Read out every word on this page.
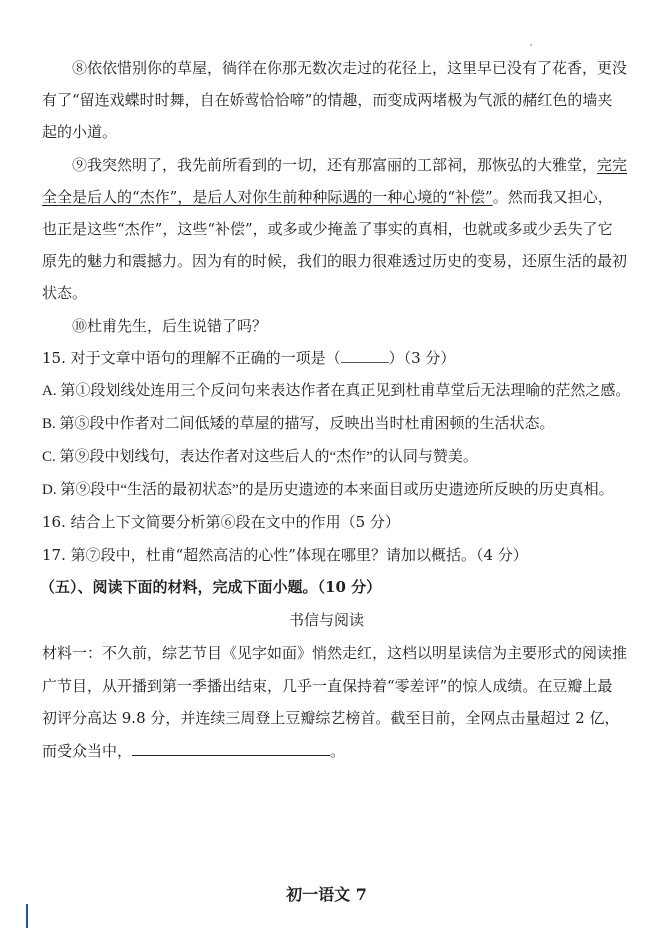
⑧依依惜别你的草屋，徜徉在你那无数次走过的花径上，这里早已没有了花香，更没
有了“留连戏蝶时时舞，自在娇莺恰恰啼”的情趣，而变成两堵极为气派的赭红色的墙夹
起的小道。
⑨我突然明了，我先前所看到的一切，还有那富丽的工部祠，那恢弘的大雅堂，完完
全全是后人的“杰作”，是后人对你生前种种际遇的一种心境的“补偿”。然而我又担心，
也正是这些“杰作”，这些“补偿”，或多或少掩盖了事实的真相，也就或多或少丢失了它
原先的魅力和震撼力。因为有的时候，我们的眼力很难透过历史的变易，还原生活的最初
状态。
⑩杜甫先生，后生说错了吗？
15. 对于文章中语句的理解不正确的一项是（	）（3 分）
A. 第①段划线处连用三个反问句来表达作者在真正见到杜甫草堂后无法理喻的茫然之感。
B. 第⑤段中作者对二间低矮的草屋的描写，反映出当时杜甫困顿的生活状态。
C. 第⑨段中划线句，表达作者对这些后人的“杰作”的认同与赞美。
D. 第⑨段中“生活的最初状态”的是历史遗迹的本来面目或历史遗迹所反映的历史真相。
16. 结合上下文简要分析第⑥段在文中的作用（5 分）
17. 第⑦段中，杜甫“超然高洁的心性”体现在哪里？请加以概括。（4 分）
（五）、阅读下面的材料，完成下面小题。（10 分）
书信与阅读
材料一：不久前，综艺节目《见字如面》悄然走红，这档以明星读信为主要形式的阅读推
广节目，从开播到第一季播出结束，几乎一直保持着“零差评”的惊人成绩。在豆瓣上最
初评分高达 9.8 分，并连续三周登上豆瓣综艺榜首。截至目前，全网点击量超过 2 亿，
而受众当中，	。
初一语文 7
